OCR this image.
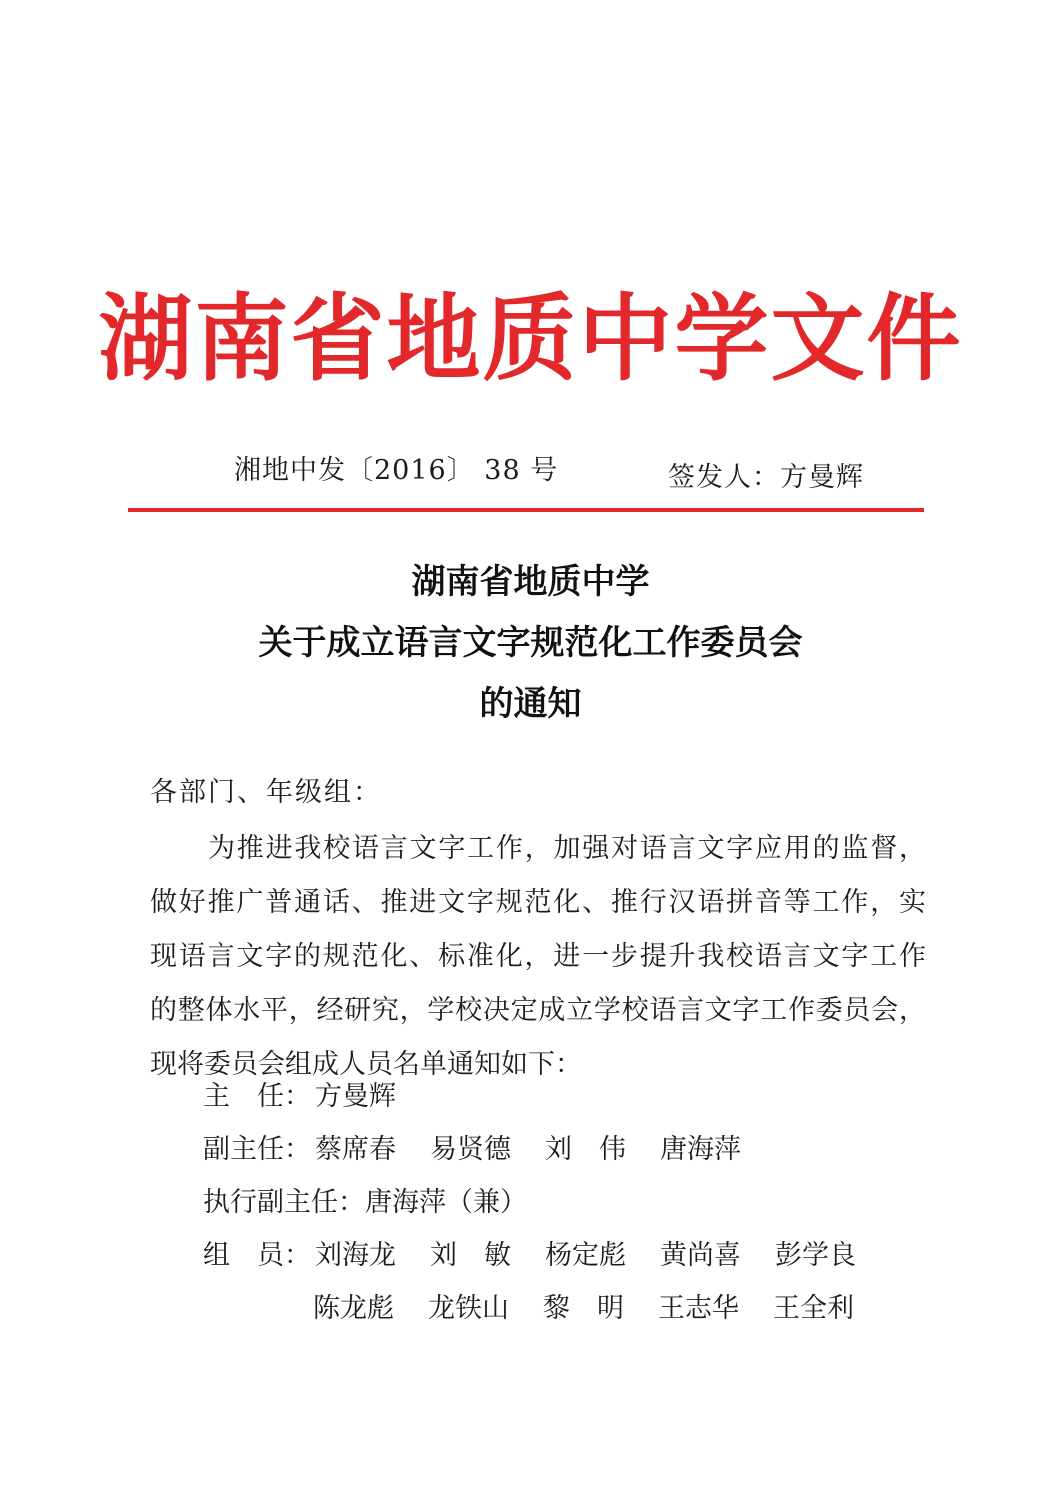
湖南省地质中学文件
湘地中发〔2016〕 38 号	签发人：方曼辉
湖南省地质中学
关于成立语言文字规范化工作委员会
的通知
各部门、年级组：
为推进我校语言文字工作，加强对语言文字应用的监督，
做好推广普通话、推进文字规范化、推行汉语拼音等工作，实
现语言文字的规范化、标准化，进一步提升我校语言文字工作
的整体水平，经研究，学校决定成立学校语言文字工作委员会，
现将委员会组成人员名单通知如下：
主　任： 方曼辉
副主任： 蔡席春 易贤德 刘　伟 唐海萍
执行副主任： 唐海萍（兼）
组　员： 刘海龙 刘　敏 杨定彪 黄尚喜 彭学良
陈龙彪 龙铁山 黎　明 王志华 王全利
